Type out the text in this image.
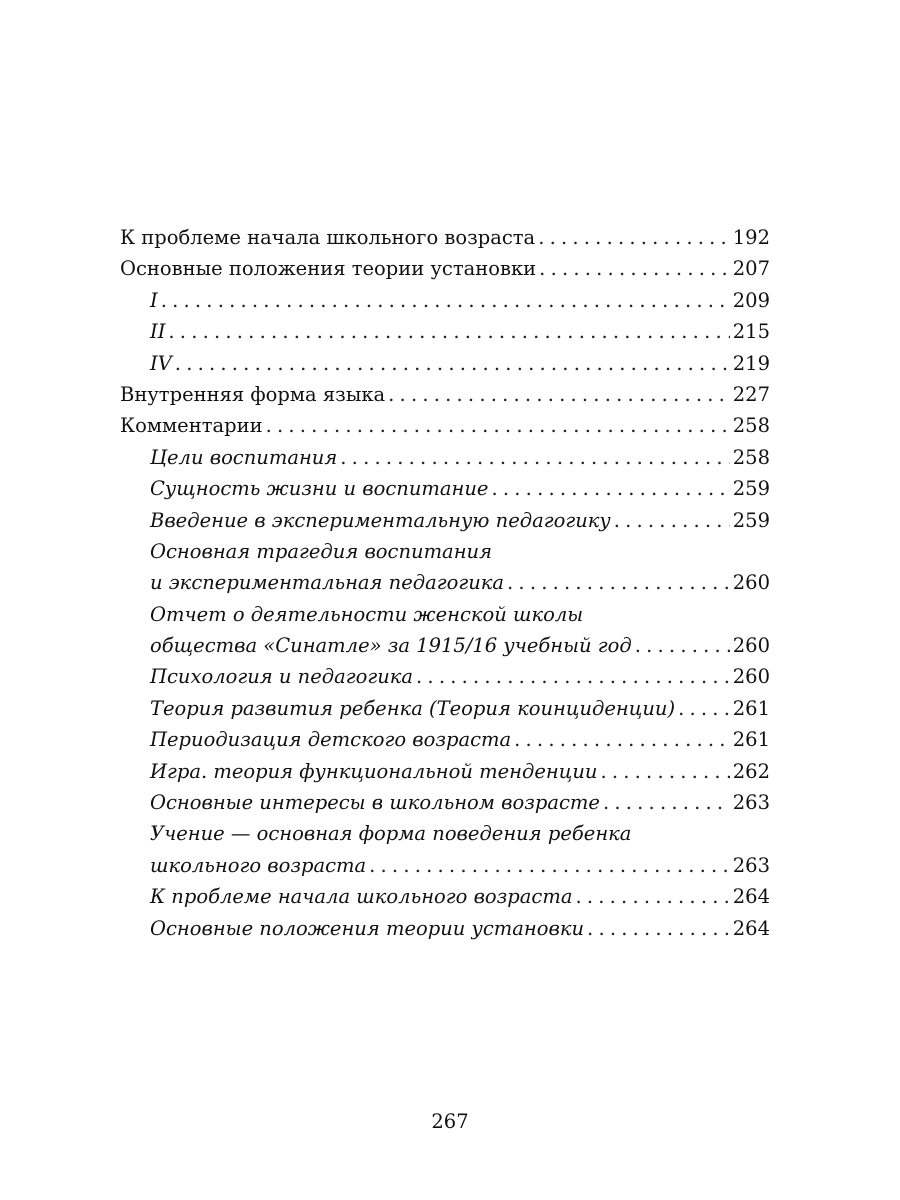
К проблеме начала школьного возраста . . .	192
Основные положения теории установки . . .	207
I . . .	209
II . . .	215
IV . . .	219
Внутренняя форма языка . . .	227
Комментарии . . .	258
Цели воспитания . . .	258
Сущность жизни и воспитание . . .	259
Введение в экспериментальную педагогику . . .	259
Основная трагедия воспитания
и экспериментальная педагогика . . .	260
Отчет о деятельности женской школы
общества «Синатле» за 1915/16 учебный год . . .	260
Психология и педагогика . . .	260
Теория развития ребенка (Теория коинциденции) . . .	261
Периодизация детского возраста . . .	261
Игра. теория функциональной тенденции . . .	262
Основные интересы в школьном возрасте . . .	263
Учение — основная форма поведения ребенка
школьного возраста . . .	263
К проблеме начала школьного возраста . . .	264
Основные положения теории установки . . .	264
267
